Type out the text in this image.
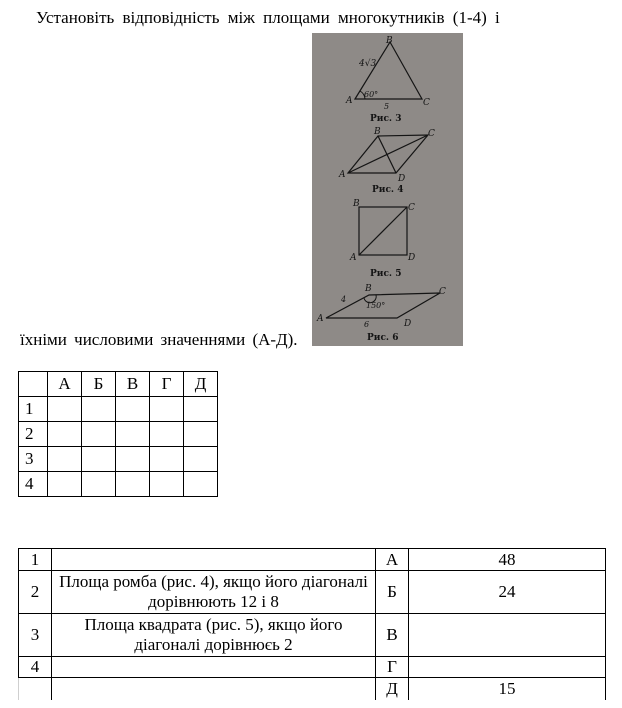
Установіть відповідність між площами многокутників (1-4) і
B
A	C
4√3
60°
5
Рис. 3
B	C
A	D
Рис. 4
B	C
A	D
Рис. 5
B	C
A	D
4
150°
6
Рис. 6
їхніми числовими значеннями (А-Д).
	А	Б	В	Г	Д
1					
2					
3					
4					
1		А	48
2	Площа ромба (рис. 4), якщо його діагоналі дорівнюють 12 і 8	Б	24
3	Площа квадрата (рис. 5), якщо його діагоналі дорівнюєь 2	В	
4		Г	
		Д	15
